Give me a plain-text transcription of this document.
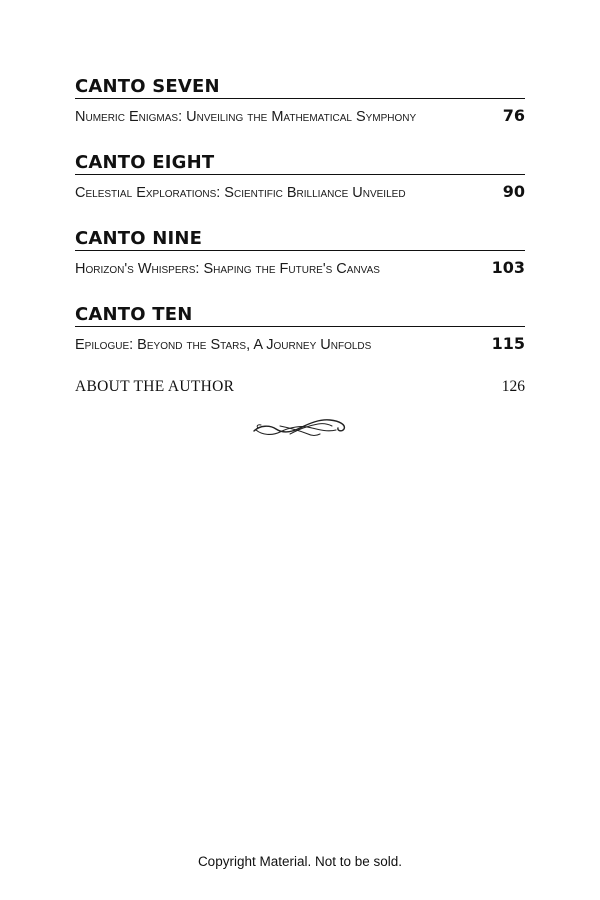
CANTO SEVEN
Numeric Enigmas: Unveiling the Mathematical Symphony	76
CANTO EIGHT
Celestial Explorations: Scientific Brilliance Unveiled	90
CANTO NINE
Horizon's Whispers: Shaping the Future's Canvas	103
CANTO TEN
Epilogue: Beyond the Stars, A Journey Unfolds	115
ABOUT THE AUTHOR	126
Copyright Material. Not to be sold.
